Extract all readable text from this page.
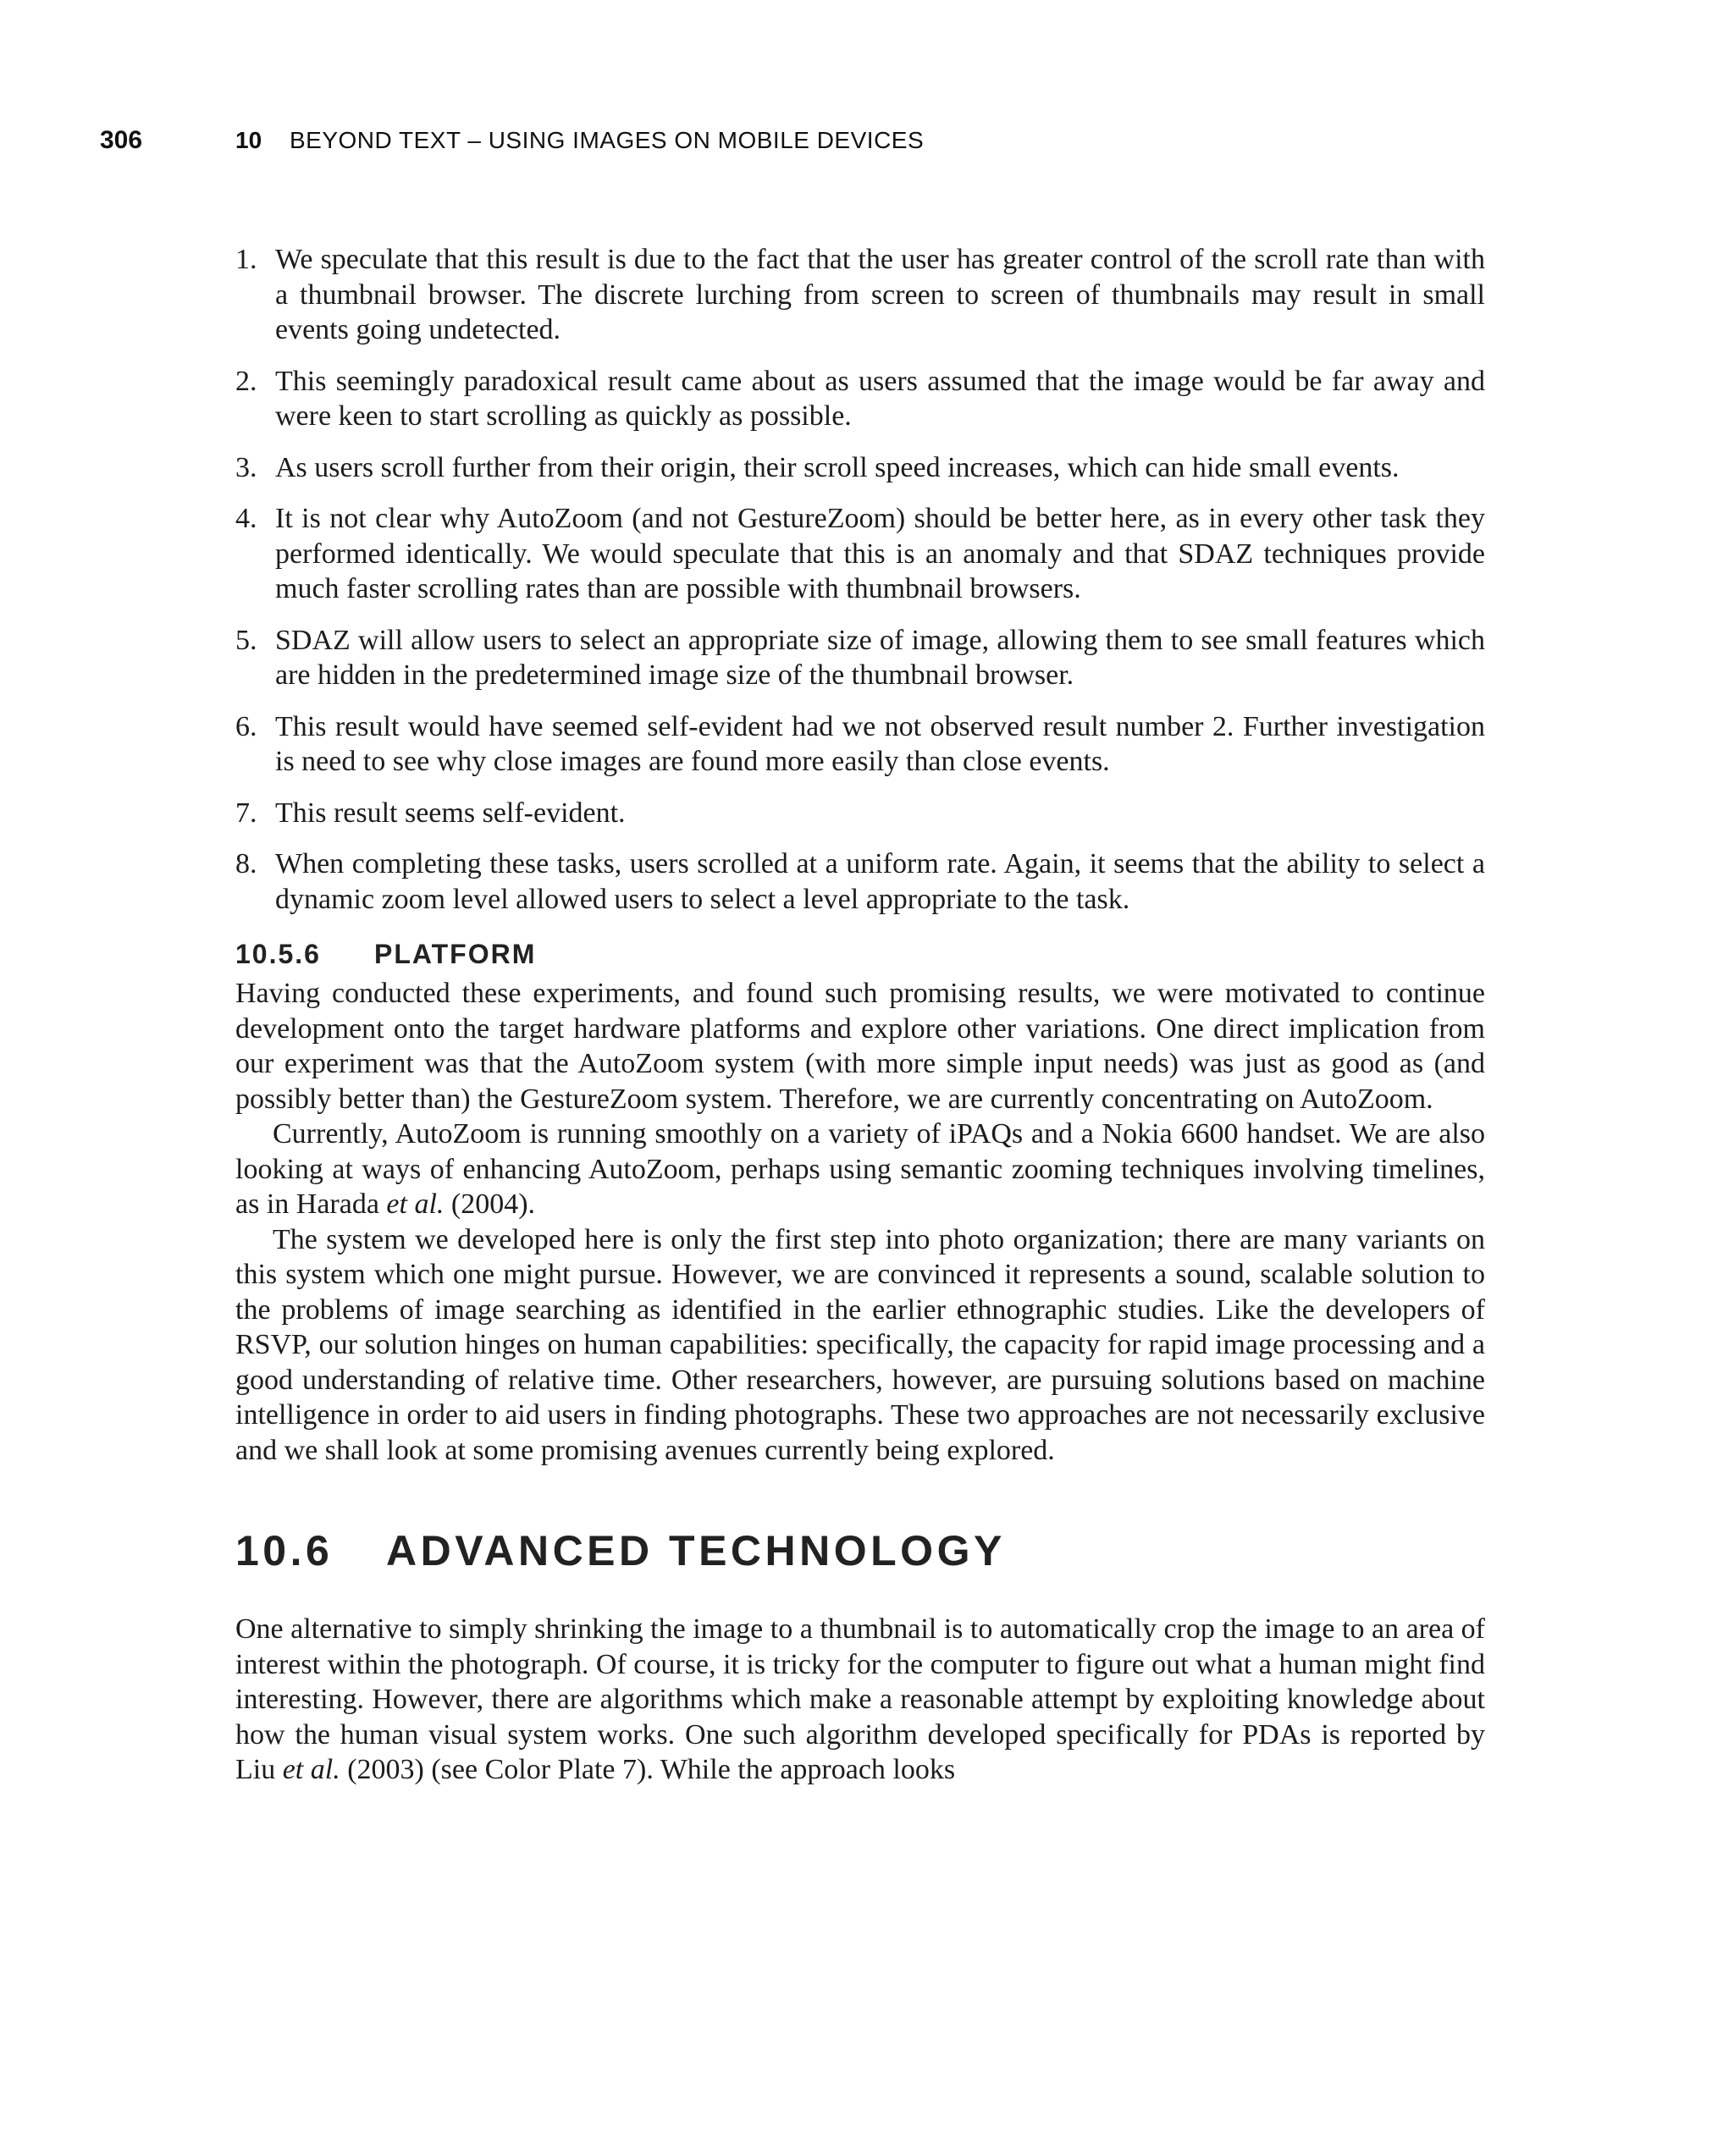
306	10 BEYOND TEXT – USING IMAGES ON MOBILE DEVICES
1. We speculate that this result is due to the fact that the user has greater control of the scroll rate than with a thumbnail browser. The discrete lurching from screen to screen of thumbnails may result in small events going undetected.
2. This seemingly paradoxical result came about as users assumed that the image would be far away and were keen to start scrolling as quickly as possible.
3. As users scroll further from their origin, their scroll speed increases, which can hide small events.
4. It is not clear why AutoZoom (and not GestureZoom) should be better here, as in every other task they performed identically. We would speculate that this is an anomaly and that SDAZ techniques provide much faster scrolling rates than are possible with thumbnail browsers.
5. SDAZ will allow users to select an appropriate size of image, allowing them to see small features which are hidden in the predetermined image size of the thumbnail browser.
6. This result would have seemed self-evident had we not observed result number 2. Further investigation is need to see why close images are found more easily than close events.
7. This result seems self-evident.
8. When completing these tasks, users scrolled at a uniform rate. Again, it seems that the ability to select a dynamic zoom level allowed users to select a level appropriate to the task.
10.5.6 PLATFORM

Having conducted these experiments, and found such promising results, we were motivated to continue development onto the target hardware platforms and explore other variations. One direct implication from our experiment was that the AutoZoom system (with more simple input needs) was just as good as (and possibly better than) the GestureZoom system. Therefore, we are currently concentrating on AutoZoom.

Currently, AutoZoom is running smoothly on a variety of iPAQs and a Nokia 6600 handset. We are also looking at ways of enhancing AutoZoom, perhaps using semantic zooming techniques involving timelines, as in Harada et al. (2004).

The system we developed here is only the first step into photo organization; there are many variants on this system which one might pursue. However, we are convinced it represents a sound, scalable solution to the problems of image searching as identified in the earlier ethnographic studies. Like the developers of RSVP, our solution hinges on human capabilities: specifically, the capacity for rapid image processing and a good understanding of relative time. Other researchers, however, are pursuing solutions based on machine intelligence in order to aid users in finding photographs. These two approaches are not necessarily exclusive and we shall look at some promising avenues currently being explored.

10.6 ADVANCED TECHNOLOGY

One alternative to simply shrinking the image to a thumbnail is to automatically crop the image to an area of interest within the photograph. Of course, it is tricky for the computer to figure out what a human might find interesting. However, there are algorithms which make a reasonable attempt by exploiting knowledge about how the human visual system works. One such algorithm developed specifically for PDAs is reported by Liu et al. (2003) (see Color Plate 7). While the approach looks
